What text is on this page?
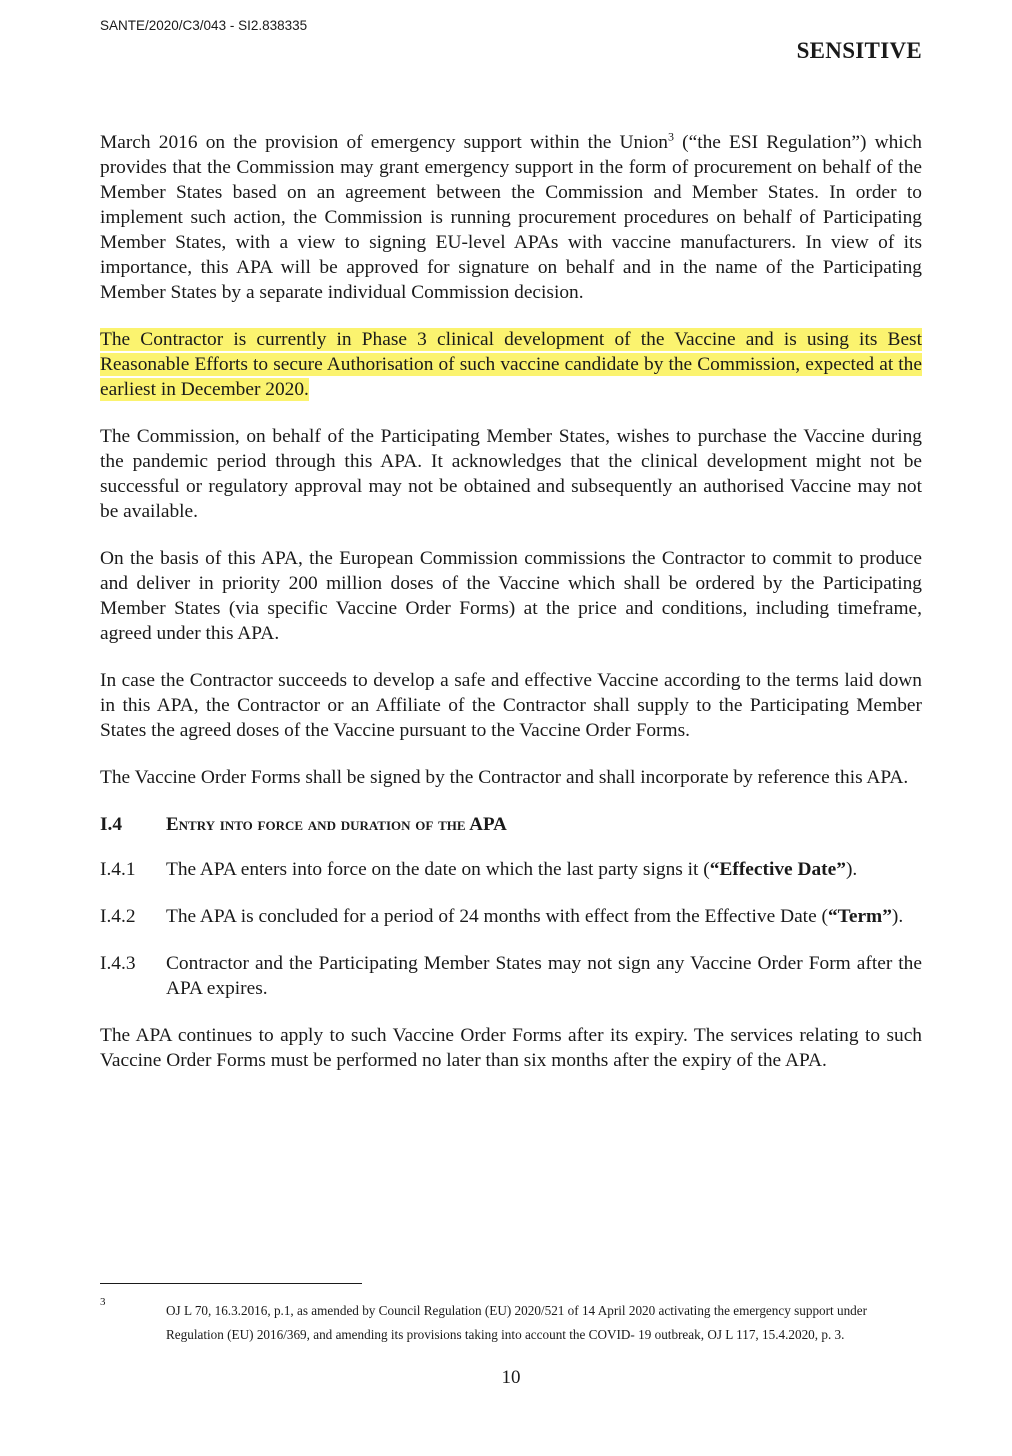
SANTE/2020/C3/043 - SI2.838335
SENSITIVE

March 2016 on the provision of emergency support within the Union$^3$ (“the ESI Regulation”) which provides that the Commission may grant emergency support in the form of procurement on behalf of the Member States based on an agreement between the Commission and Member States. In order to implement such action, the Commission is running procurement procedures on behalf of Participating Member States, with a view to signing EU-level APAs with vaccine manufacturers. In view of its importance, this APA will be approved for signature on behalf and in the name of the Participating Member States by a separate individual Commission decision.

The Contractor is currently in Phase 3 clinical development of the Vaccine and is using its Best Reasonable Efforts to secure Authorisation of such vaccine candidate by the Commission, expected at the earliest in December 2020.

The Commission, on behalf of the Participating Member States, wishes to purchase the Vaccine during the pandemic period through this APA. It acknowledges that the clinical development might not be successful or regulatory approval may not be obtained and subsequently an authorised Vaccine may not be available.

On the basis of this APA, the European Commission commissions the Contractor to commit to produce and deliver in priority 200 million doses of the Vaccine which shall be ordered by the Participating Member States (via specific Vaccine Order Forms) at the price and conditions, including timeframe, agreed under this APA.

In case the Contractor succeeds to develop a safe and effective Vaccine according to the terms laid down in this APA, the Contractor or an Affiliate of the Contractor shall supply to the Participating Member States the agreed doses of the Vaccine pursuant to the Vaccine Order Forms.

The Vaccine Order Forms shall be signed by the Contractor and shall incorporate by reference this APA.

I.4	Entry into force and duration of the APA
I.4.1	The APA enters into force on the date on which the last party signs it (“Effective Date”).
I.4.2	The APA is concluded for a period of 24 months with effect from the Effective Date (“Term”).
I.4.3	Contractor and the Participating Member States may not sign any Vaccine Order Form after the APA expires.

The APA continues to apply to such Vaccine Order Forms after its expiry. The services relating to such Vaccine Order Forms must be performed no later than six months after the expiry of the APA.

3
OJ L 70, 16.3.2016, p.1, as amended by Council Regulation (EU) 2020/521 of 14 April 2020 activating the emergency support under Regulation (EU) 2016/369, and amending its provisions taking into account the COVID- 19 outbreak, OJ L 117, 15.4.2020, p. 3.
10
